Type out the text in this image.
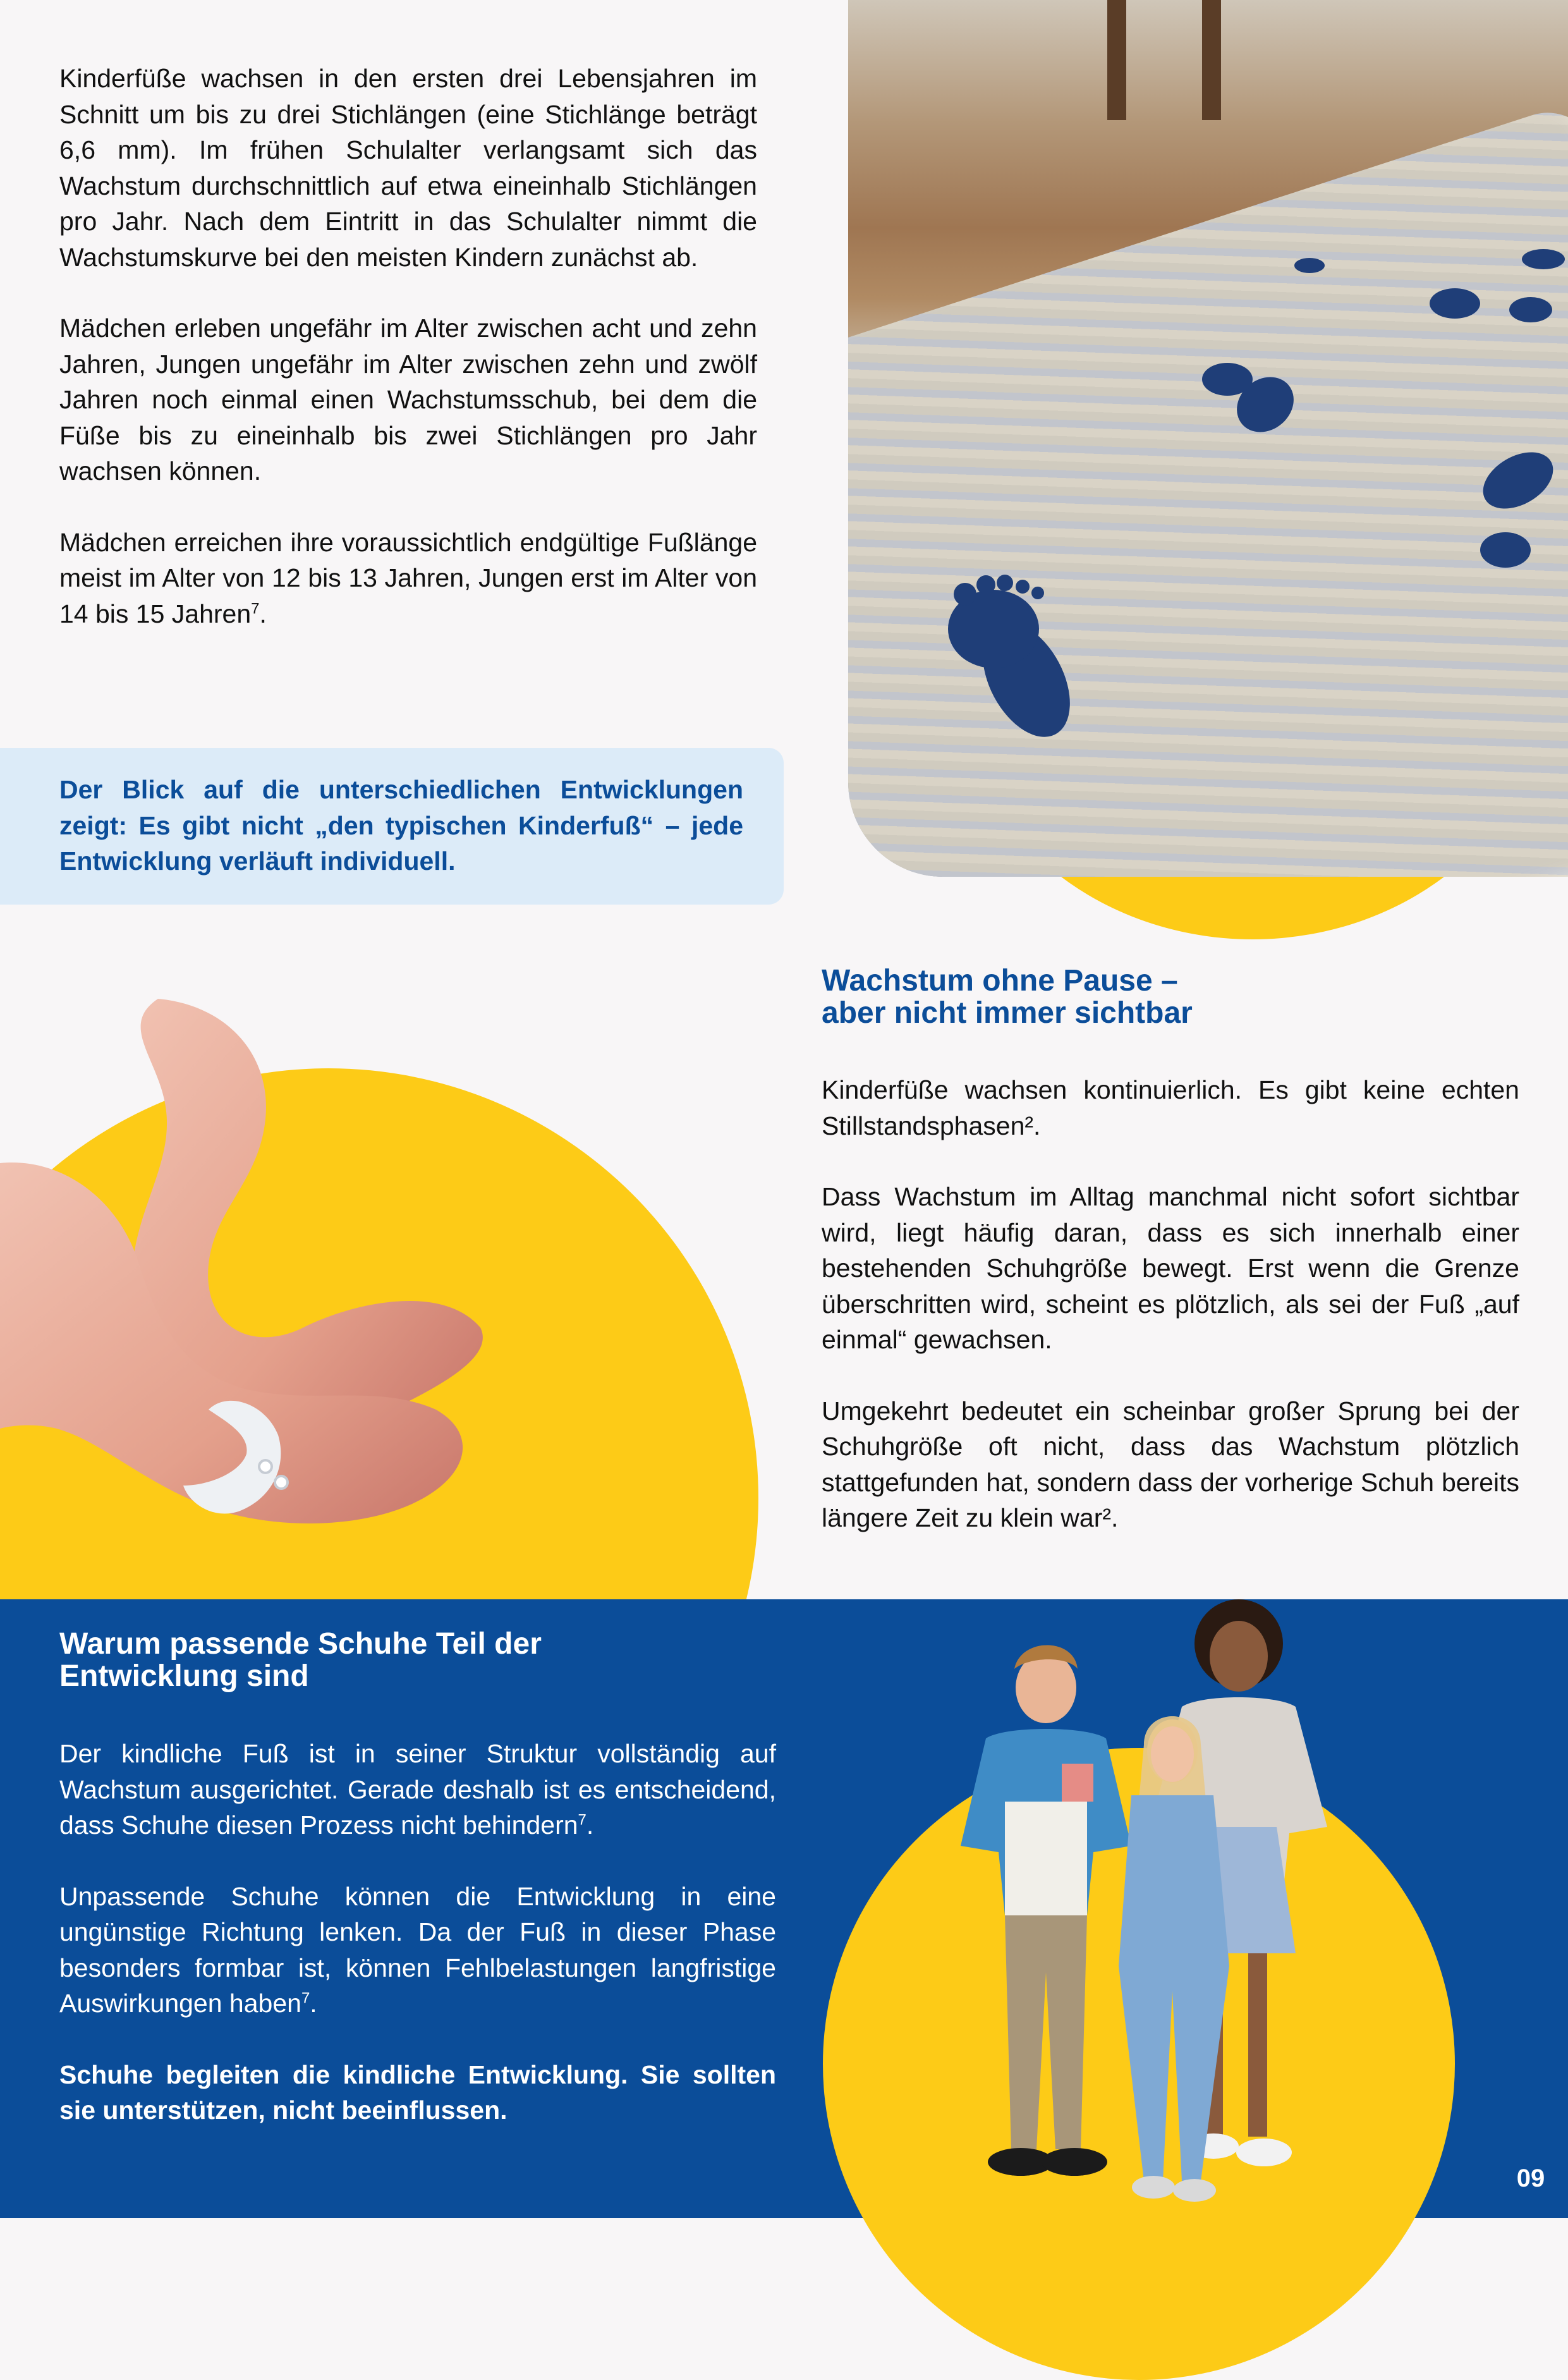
Kinderfüße wachsen in den ersten drei Lebensjahren im Schnitt um bis zu drei Stichlängen (eine Stichlänge beträgt 6,6 mm). Im frühen Schulalter verlangsamt sich das Wachstum durchschnittlich auf etwa eineinhalb Stichlängen pro Jahr. Nach dem Eintritt in das Schulalter nimmt die Wachstumskurve bei den meisten Kindern zunächst ab.

Mädchen erleben ungefähr im Alter zwischen acht und zehn Jahren, Jungen ungefähr im Alter zwischen zehn und zwölf Jahren noch einmal einen Wachstumsschub, bei dem die Füße bis zu eineinhalb bis zwei Stichlängen pro Jahr wachsen können.

Mädchen erreichen ihre voraussichtlich endgültige Fußlänge meist im Alter von 12 bis 13 Jahren, Jungen erst im Alter von 14 bis 15 Jahren$^7$.

Der Blick auf die unterschiedlichen Entwicklungen zeigt: Es gibt nicht „den typischen Kinderfuß“ – jede Entwicklung verläuft individuell.

Wachstum ohne Pause –
aber nicht immer sichtbar

Kinderfüße wachsen kontinuierlich. Es gibt keine echten Stillstandsphasen².

Dass Wachstum im Alltag manchmal nicht sofort sichtbar wird, liegt häufig daran, dass es sich innerhalb einer bestehenden Schuhgröße bewegt. Erst wenn die Grenze überschritten wird, scheint es plötzlich, als sei der Fuß „auf einmal“ gewachsen.

Umgekehrt bedeutet ein scheinbar großer Sprung bei der Schuhgröße oft nicht, dass das Wachstum plötzlich stattgefunden hat, sondern dass der vorherige Schuh bereits längere Zeit zu klein war².

Warum passende Schuhe Teil der
Entwicklung sind

Der kindliche Fuß ist in seiner Struktur vollständig auf Wachstum ausgerichtet. Gerade deshalb ist es entscheidend, dass Schuhe diesen Prozess nicht behindern$^7$.

Unpassende Schuhe können die Entwicklung in eine ungünstige Richtung lenken. Da der Fuß in dieser Phase besonders formbar ist, können Fehlbelastungen langfristige Auswirkungen haben$^7$.

Schuhe begleiten die kindliche Entwicklung. Sie sollten sie unterstützen, nicht beeinflussen.

09
